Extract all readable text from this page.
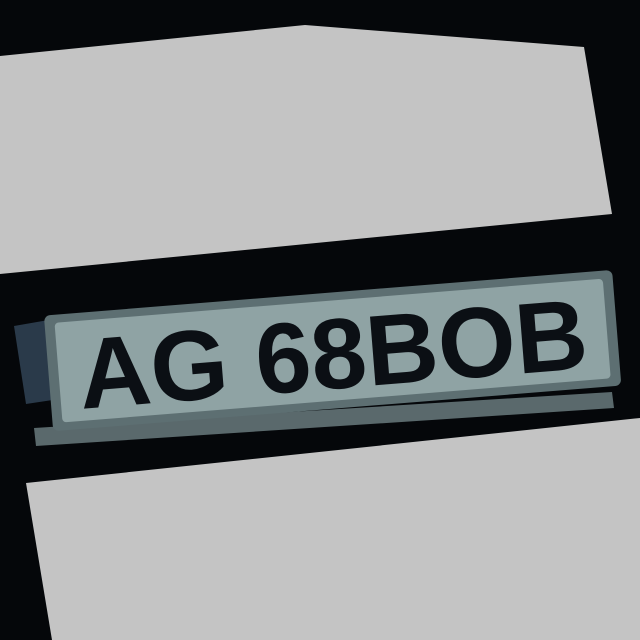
AG 68BOB
